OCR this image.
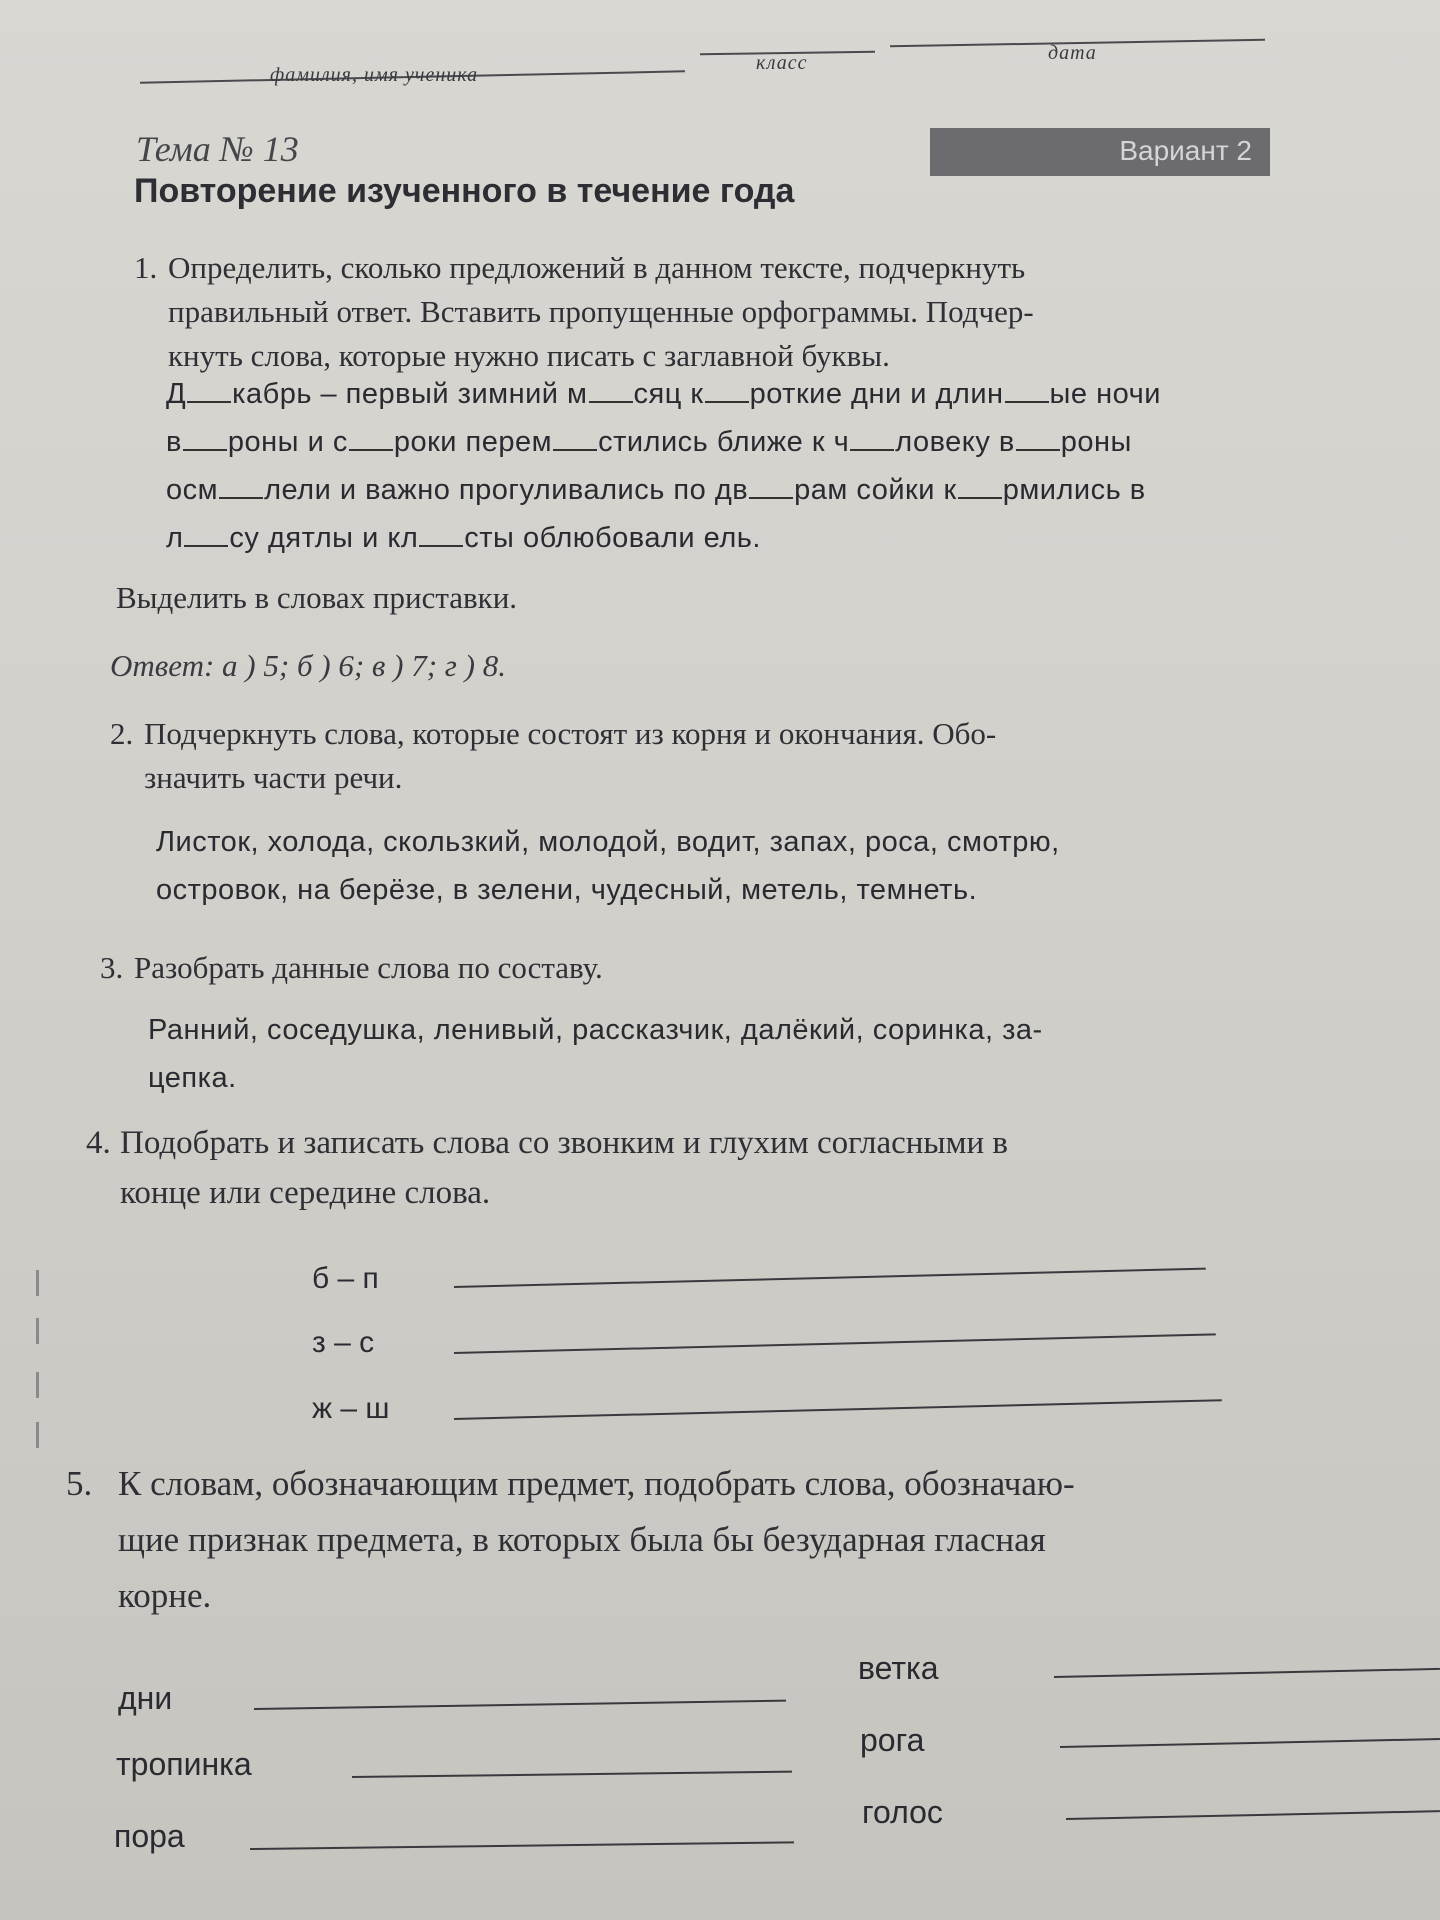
фамилия, имя ученика
класс	дата
Тема № 13
Повторение изученного в течение года
Вариант 2
1. Определить, сколько предложений в данном тексте, подчеркнуть
правильный ответ. Вставить пропущенные орфограммы. Подчер-
кнуть слова, которые нужно писать с заглавной буквы.
Д кабрь – первый зимний м сяц к роткие дни и длин ые ночи
в роны и с роки перем стились ближе к ч ловеку в роны
осм лели и важно прогуливались по дв рам сойки к рмились в
л су дятлы и кл сты облюбовали ель.
Выделить в словах приставки.
Ответ: а ) 5; б ) 6; в ) 7; г ) 8.
2. Подчеркнуть слова, которые состоят из корня и окончания. Обо-
значить части речи.
Листок, холода, скользкий, молодой, водит, запах, роса, смотрю,
островок, на берёзе, в зелени, чудесный, метель, темнеть.
3. Разобрать данные слова по составу.
Ранний, соседушка, ленивый, рассказчик, далёкий, соринка, за-
цепка.
4. Подобрать и записать слова со звонким и глухим согласными в
конце или середине слова.
б – п
з – с
ж – ш
5. К словам, обозначающим предмет, подобрать слова, обозначаю-
щие признак предмета, в которых была бы безударная гласная
корне.
дни
тропинка
пора
ветка
рога
голос
